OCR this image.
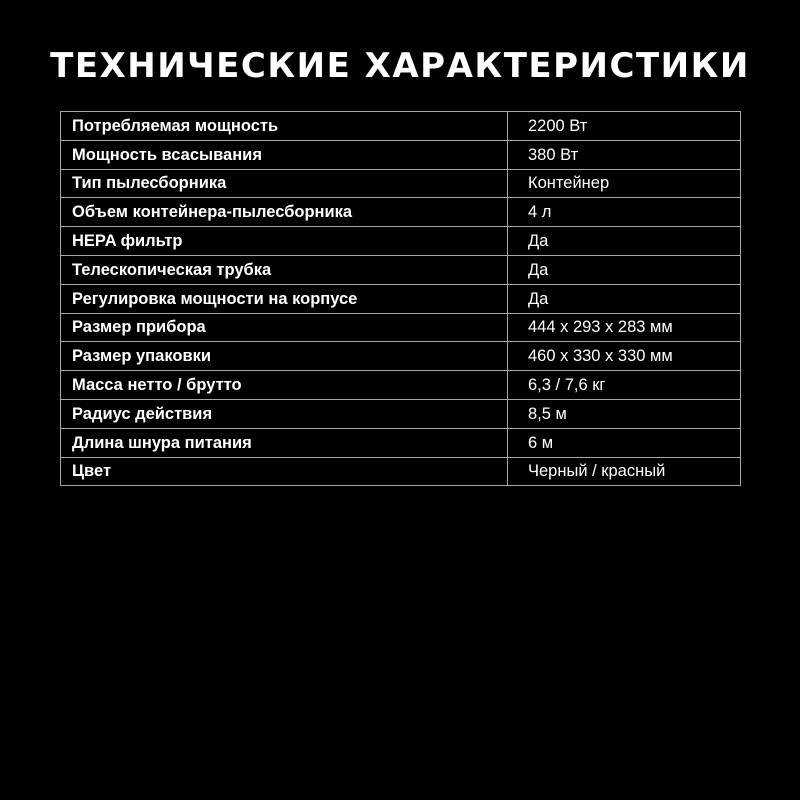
ТЕХНИЧЕСКИЕ ХАРАКТЕРИСТИКИ
Потребляемая мощность	2200 Вт
Мощность всасывания	380 Вт
Тип пылесборника	Контейнер
Объем контейнера-пылесборника	4 л
HEPA фильтр	Да
Телескопическая трубка	Да
Регулировка мощности на корпусе	Да
Размер прибора	444 x 293 x 283 мм
Размер упаковки	460 x 330 x 330 мм
Масса нетто / брутто	6,3 / 7,6 кг
Радиус действия	8,5 м
Длина шнура питания	6 м
Цвет	Черный / красный
